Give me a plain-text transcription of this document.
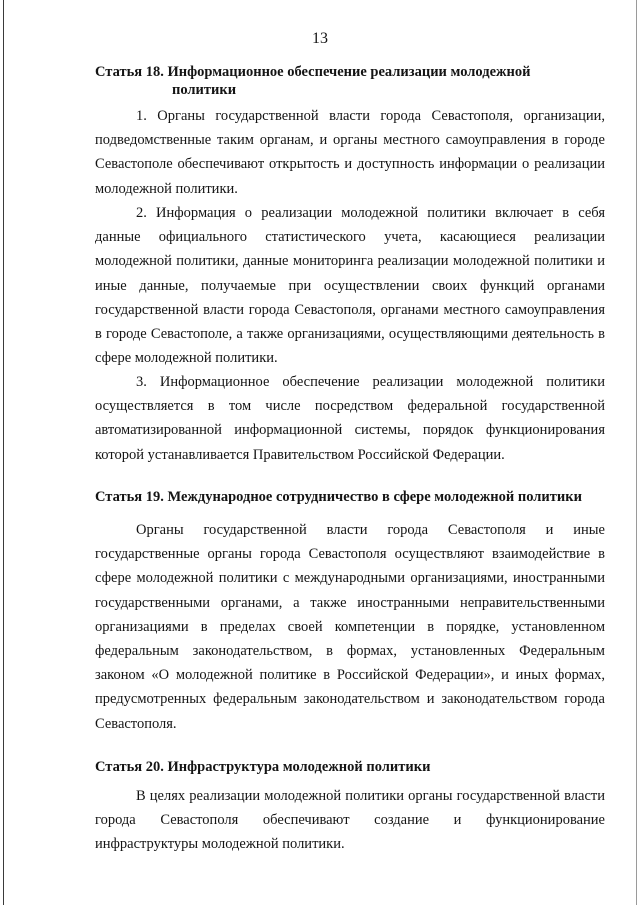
13
Статья 18. Информационное обеспечение реализации молодежной
политики

1. Органы государственной власти города Севастополя, организации, подведомственные таким органам, и органы местного самоуправления в городе Севастополе обеспечивают открытость и доступность информации о реализации молодежной политики.

2. Информация о реализации молодежной политики включает в себя данные официального статистического учета, касающиеся реализации молодежной политики, данные мониторинга реализации молодежной политики и иные данные, получаемые при осуществлении своих функций органами государственной власти города Севастополя, органами местного самоуправления в городе Севастополе, а также организациями, осуществляющими деятельность в сфере молодежной политики.

3. Информационное обеспечение реализации молодежной политики осуществляется в том числе посредством федеральной государственной автоматизированной информационной системы, порядок функционирования которой устанавливается Правительством Российской Федерации.

Статья 19. Международное сотрудничество в сфере молодежной политики

Органы государственной власти города Севастополя и иные государственные органы города Севастополя осуществляют взаимодействие в сфере молодежной политики с международными организациями, иностранными государственными органами, а также иностранными неправительственными организациями в пределах своей компетенции в порядке, установленном федеральным законодательством, в формах, установленных Федеральным законом «О молодежной политике в Российской Федерации», и иных формах, предусмотренных федеральным законодательством и законодательством города Севастополя.

Статья 20. Инфраструктура молодежной политики

В целях реализации молодежной политики органы государственной власти города Севастополя обеспечивают создание и функционирование инфраструктуры молодежной политики.
